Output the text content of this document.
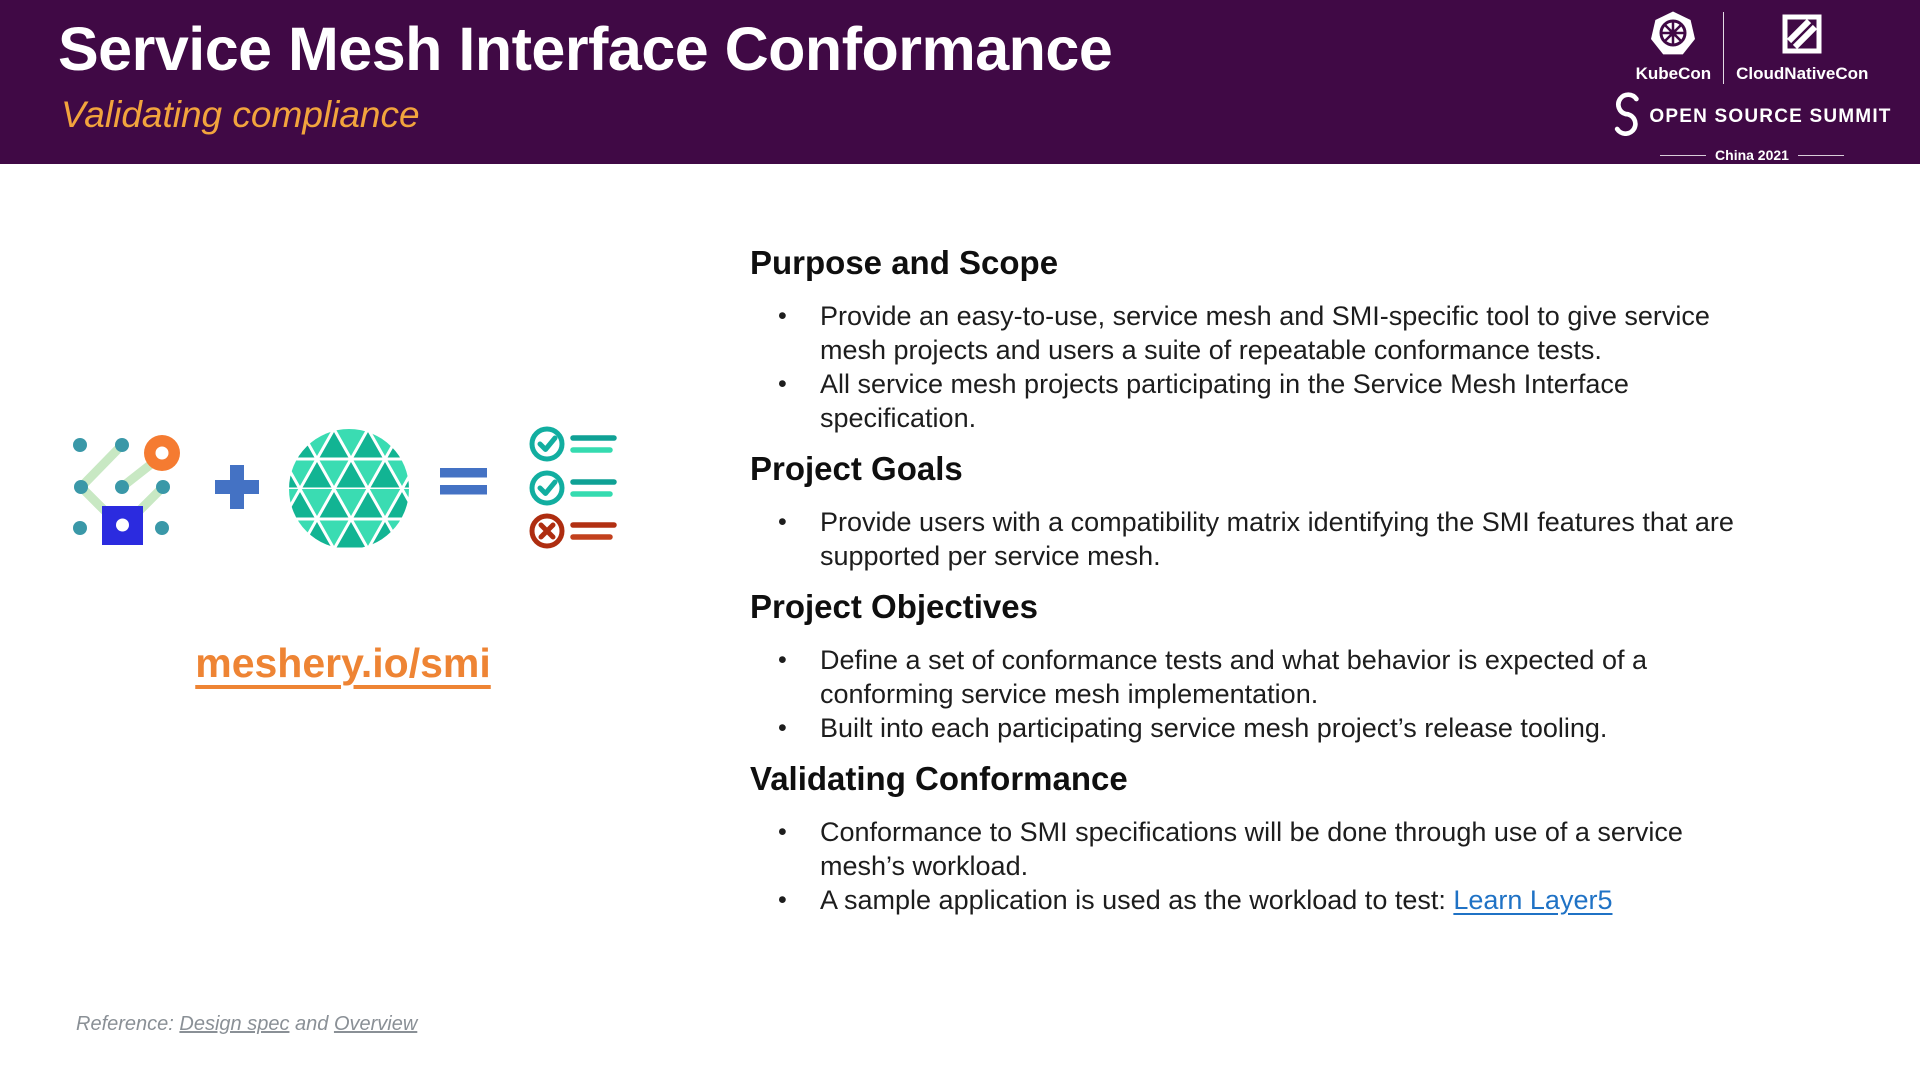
Service Mesh Interface Conformance
Validating compliance
KubeCon CloudNativeCon
OPEN SOURCE SUMMIT
China 2021
meshery.io/smi
Purpose and Scope
•	Provide an easy-to-use, service mesh and SMI-specific tool to give service mesh projects and users a suite of repeatable conformance tests.
•	All service mesh projects participating in the Service Mesh Interface specification.
Project Goals
•	Provide users with a compatibility matrix identifying the SMI features that are supported per service mesh.
Project Objectives
•	Define a set of conformance tests and what behavior is expected of a conforming service mesh implementation.
•	Built into each participating service mesh project’s release tooling.
Validating Conformance
•	Conformance to SMI specifications will be done through use of a service mesh’s workload.
•	A sample application is used as the workload to test: Learn Layer5
Reference: Design spec and Overview
